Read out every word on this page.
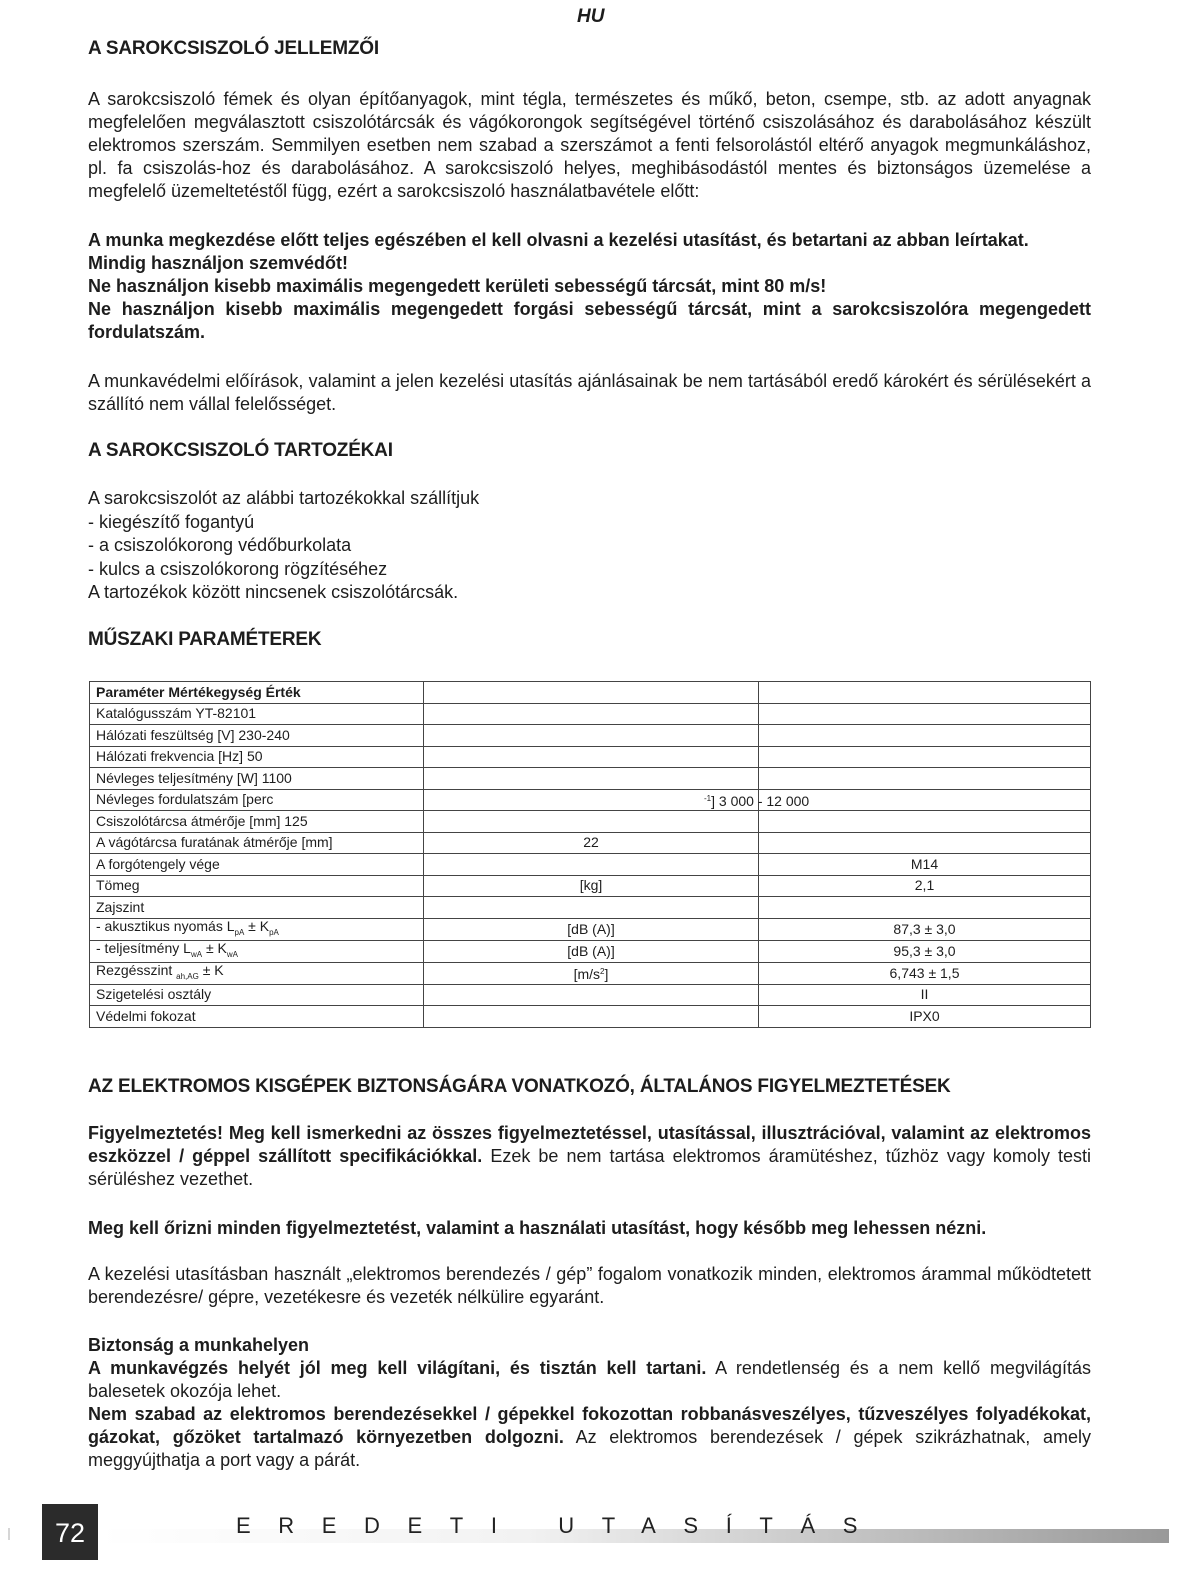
HU
A SAROKCSISZOLÓ JELLEMZŐI
A sarokcsiszoló fémek és olyan építőanyagok, mint tégla, természetes és műkő, beton, csempe, stb. az adott anyagnak megfelelően megválasztott csiszolótárcsák és vágókorongok segítségével történő csiszolásához és darabolásához készült elektromos szerszám. Semmilyen esetben nem szabad a szerszámot a fenti felsorolástól eltérő anyagok megmunkáláshoz, pl. fa csiszolás-hoz és darabolásához. A sarokcsiszoló helyes, meghibásodástól mentes és biztonságos üzemelése a megfelelő üzemeltetéstől függ, ezért a sarokcsiszoló használatbavétele előtt:
A munka megkezdése előtt teljes egészében el kell olvasni a kezelési utasítást, és betartani az abban leírtakat.
Mindig használjon szemvédőt!
Ne használjon kisebb maximális megengedett kerületi sebességű tárcsát, mint 80 m/s!
Ne használjon kisebb maximális megengedett forgási sebességű tárcsát, mint a sarokcsiszolóra megengedett fordulatszám.
A munkavédelmi előírások, valamint a jelen kezelési utasítás ajánlásainak be nem tartásából eredő károkért és sérülésekért a szállító nem vállal felelősséget.
A SAROKCSISZOLÓ TARTOZÉKAI
A sarokcsiszolót az alábbi tartozékokkal szállítjuk
- kiegészítő fogantyú
- a csiszolókorong védőburkolata
- kulcs a csiszolókorong rögzítéséhez
A tartozékok között nincsenek csiszolótárcsák.
MŰSZAKI PARAMÉTEREK
Paraméter Mértékegység Érték		
Katalógusszám YT-82101		
Hálózati feszültség [V] 230-240		
Hálózati frekvencia [Hz] 50		
Névleges teljesítmény [W] 1100		
Névleges fordulatszám [perc	$^{-1}$] 3 000 - 12 000	
Csiszolótárcsa átmérője [mm] 125		
A vágótárcsa furatának átmérője [mm]	22	
A forgótengely vége		M14
Tömeg	[kg]	2,1
Zajszint		
- akusztikus nyomás $L_{pA} \pm K_{pA}$	[dB (A)]	87,3 ± 3,0
- teljesítmény $L_{wA} \pm K_{wA}$	[dB (A)]	95,3 ± 3,0
Rezgésszint $_{ah,AG}$ ± K	$[m/s^2]$	6,743 ± 1,5
Szigetelési osztály		II
Védelmi fokozat		IPX0
AZ ELEKTROMOS KISGÉPEK BIZTONSÁGÁRA VONATKOZÓ, ÁLTALÁNOS FIGYELMEZTETÉSEK
Figyelmeztetés! Meg kell ismerkedni az összes figyelmeztetéssel, utasítással, illusztrációval, valamint az elektromos eszközzel / géppel szállított specifikációkkal. Ezek be nem tartása elektromos áramütéshez, tűzhöz vagy komoly testi sérüléshez vezethet.
Meg kell őrizni minden figyelmeztetést, valamint a használati utasítást, hogy később meg lehessen nézni.
A kezelési utasításban használt „elektromos berendezés / gép” fogalom vonatkozik minden, elektromos árammal működtetett berendezésre/ gépre, vezetékesre és vezeték nélkülire egyaránt.
Biztonság a munkahelyen
A munkavégzés helyét jól meg kell világítani, és tisztán kell tartani. A rendetlenség és a nem kellő megvilágítás balesetek okozója lehet.
Nem szabad az elektromos berendezésekkel / gépekkel fokozottan robbanásveszélyes, tűzveszélyes folyadékokat, gázokat, gőzöket tartalmazó környezetben dolgozni. Az elektromos berendezések / gépek szikrázhatnak, amely meggyújthatja a port vagy a párát.
72	EREDETI UTASÍTÁS
